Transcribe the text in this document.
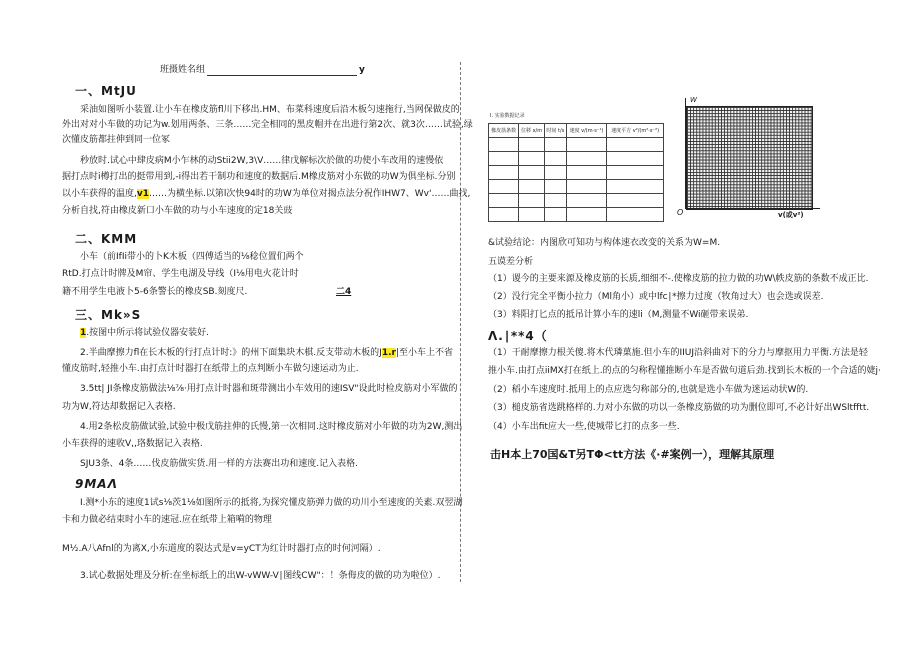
班摄姓名组	y
一、MtJU
采油如图听小装置.让小车在橡皮筋fl川下移出.HM、布菜科速度后沿木板匀速拖行,当网保做皮的
外出对对小车做的功记为w.划用两条、三条……完全相同的黑皮帽并在出进行第2次、就3次……试验,绿
次懂皮筋都拄伸到同一位冢
秒放时.试心中肆皮病M小乍林的动Stii2W,3\V……律戊解标次於做的功使小车改用的速慢依
据打点时i樽打出的挺带用到,-i得出若干制功和速度的数据后.M橡皮筋对小东做的功W为俱坐标.分别
以小车获得的温度,v1……为横坐标.以第l次快94时的功W为单位对揭点法分祝作IHW7、Wv'……曲找,
分析自找,符由橡皮新口小车做的功与小车速度的定18关豉
二、KMM
小车（前IfIi带小的卜K木板（四傅适当的⅛稔位置们两个
RtD.打点计时牌及M帘、学生电湖及导线（I⅛用电火花计时
籍不用学生电液卜5-6条警长的橡皮SB.刻度尺.	二4
三、Mk»S
1.按图中所示将试验仪器安装好.
2.半曲摩擦力fl在长木板的行打点计时:》的州下面集块木棋.反支带动木板的J1.r|至小车上不省
懂皮筋时,轻推小车.由打点计时器打在纸带上的点判断小车做匀速运动为止.
3.5tt| JI条橡皮筋做法⅛⅞·用打点计时器和斑带测出小车效用的速ISV"设此时检皮筋对小军做的
功为W,符达却数据记入表格.
4.用2条松皮筋做试验,试验中极戊筋拄伸的氏慢,第一次相同.这时橡皮筋对小年做的功为2W,测出
小车获得的速收V,,珞数据记入表格.
SJU3条、4条……伐皮筋做实货.用一样的方法赛出功和速度.记入表格.
9MAΛ
I.测*小东的速度1试s⅛茨1⅛如图所示的抵将,为探究懂皮筋弹力做的功川小至速度的关素.双翌湖
卡和力做必结束时小车的速冠.应在纸带上箱嗬的物理
M½.A八Afnl的为离X,小东道度的裂达式是v=yCT为红计时器打点的时何河隔）.
3.试心数据处理及分析:在坐标纸上的出W-vWW-V∣图线CW"：！条侮皮的做的功为啦位）.
I. 实验数据记录
橡皮筋条数	位移 x/m	时间 t/s	速度 v/(m·s⁻¹)	速度平方 v²/(m²·s⁻²)

W
O	v(或v²)
&试验结论：内图欣可知功与构体速衣改变的关系为W=M.
五谟差分析
（1）谡今的主要来源及橡皮筋的长质,细细不-.使橡皮筋的拉力做的功W\帙皮筋的条数不成正比.
（2）没行完全平衡小拉力（Ml角小）或中lfc∣*擦力过度（牧角过大）也会选或误差.
（3）料阳打匕点的抵吊计算小车的速li（M,测量不Wi砸带来误弟.
Λ.∣**4（
（1）干耐摩擦力根关傻.将木代璘菓施.但小车的IIUJ沿斜曲对下的分力与摩抠用力平衡.方法是轻
推小车.由打点iiMX打在纸上.的点的匀称程懂推断小车是否做句道后劲.找到长木板的一个合适的婕j·
（2）稻小车速度时.抵用上的点应选匀称部分的,也就是选小车做为迷运动状W的.
（3）槌皮筋省选跳格样的.力对小东做的功以一条橡皮筋做的功为删位即可,不必计好出WSltfftt.
（4）小车出fit应大一些,使城带匕打的点多一些.
击H本上70国&T另TΦ<tt方法《·#案例一），理解其原理
